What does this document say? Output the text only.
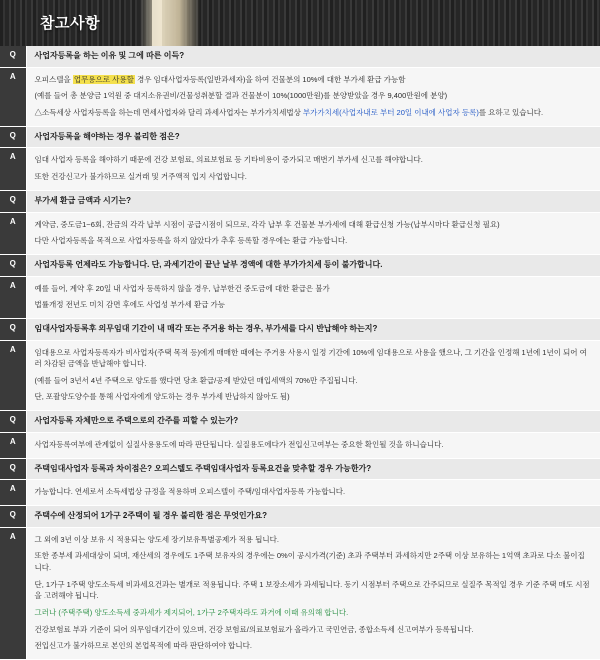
참고사항
Q	사업자등록을 하는 이유 및 그에 따른 이득?
A	오피스텔을 업무용으로 사용할 경우 임대사업자등록(일반과세자)을 하여 건물분의 10%에 대한 부가세 환급 가능함

(예를 들어 총 분양금 1억원 중 대지소유권비/건물성취분할 결과 건물분이 10%(1000만원)를 분양받았을 경우 9,400만원에 분양)

△소득세상 사업자등록을 하는데 면세사업자와 달리 과세사업자는 부가가치세법상 부가가치세(사업자내로 부터 20일 이내에 사업자 등록)를 요하고 있습니다.

Q	사업자등록을 해야하는 경우 불리한 점은?
A	임대 사업자 등록을 해야하기 때문에 건강 보험료, 의료보험료 등 기타비용이 증가되고 매번기 부가세 신고를 해야합니다.

또한 건강신고가 불가하므로 실거래 및 거주액적 입지 사업합니다.

Q	부가세 환급 금액과 시기는?
A	계약금, 중도금1~6회, 잔금의 각각 납부 시점이 공급시점이 되므로, 각각 납부 후 건물분 부가세에 대해 환급신청 가능(납부시마다 환급신청 필요)

다만 사업자등록을 목적으로 사업자등록을 하지 않았다가 추후 등록할 경우에는 환급 가능합니다.

Q	사업자등록 언제라도 가능합니다. 단, 과세기간이 끝난 날부 경액에 대한 부가가치세 등이 불가합니다.
A	예를 들어, 계약 후 20일 내 사업자 등록하지 않을 경우, 납부한건 중도금에 대한 환급은 불가

법률개정 전년도 미치 감면 후에도 사업성 부가세 환급 가능

Q	임대사업자등록후 의무임대 기간이 내 매각 또는 주거용 하는 경우, 부가세를 다시 반납해야 하는지?
A	임대용으로 사업자등록자가 비사업자(주택 목적 등)에게 매매한 때에는 주거용 사용시 일정 기간에 10%에 임대용으로 사용을 했으나, 그 기간을 인정해 1년에 1년이 되어 여러 차감된 금액을 반납해야 합니다.

(예를 들어 3년서 4년 주택으로 양도를 했다면 당초 환급/공제 받았던 매입세액의 70%만 주집됩니다.

단, 포괄양도양수를 통해 사업자에게 양도하는 경우 부가세 반납하지 않아도 됨)

Q	사업자등록 자체만으로 주택으로의 간주를 피할 수 있는가?
A	사업자등록여부에 관계없이 실질사용용도에 따라 판단됩니다. 실질용도에다가 전입신고여부는 중요한 확인될 것을 하니습니다.

Q	주택임대사업자 등록과 차이점은? 오피스텔도 주택임대사업자 등록요건을 맞추할 경우 가능한가?
A	가능합니다. 연세로서 소득세법상 규정을 적용하며 오피스텔이 주택/임대사업자등록 가능합니다.

Q	주택수에 산정되어 1가구 2주택이 될 경우 불리한 점은 무엇인가요?
A	그 외에 3년 이상 보유 시 적용되는 양도세 장기보유특별공제가 적용 됩니다.

또한 종부세 과세대상이 되며, 재산세의 경우에도 1주택 보유자의 경우에는 0%이 공시가격(기준) 초과 주택부터 과세하지만 2주택 이상 보유하는 1억액 초과로 다소 불이집니다.

단, 1가구 1주택 양도소득세 비과세요건과는 별개로 적용됩니다. 주택 1 보장소세가 과세됩니다. 동기 시점부터 주택으로 간주되므로 실질주 목적일 경우 기준 주택 매도 시점을 고려해야 됩니다.

그러나 (주택주택) 양도소득세 중과세가 제지되어, 1가구 2주택자라도 과거에 이때 유의해 합니다.

건강보험료 부과 기준이 되어 의무임대기간이 있으며, 건강 보험료/의료보험료가 올라가고 국민연금, 종합소득세 신고여부가 등록됩니다.

전입신고가 불가하므로 본인의 본업목적에 따라 판단하여야 합니다.
